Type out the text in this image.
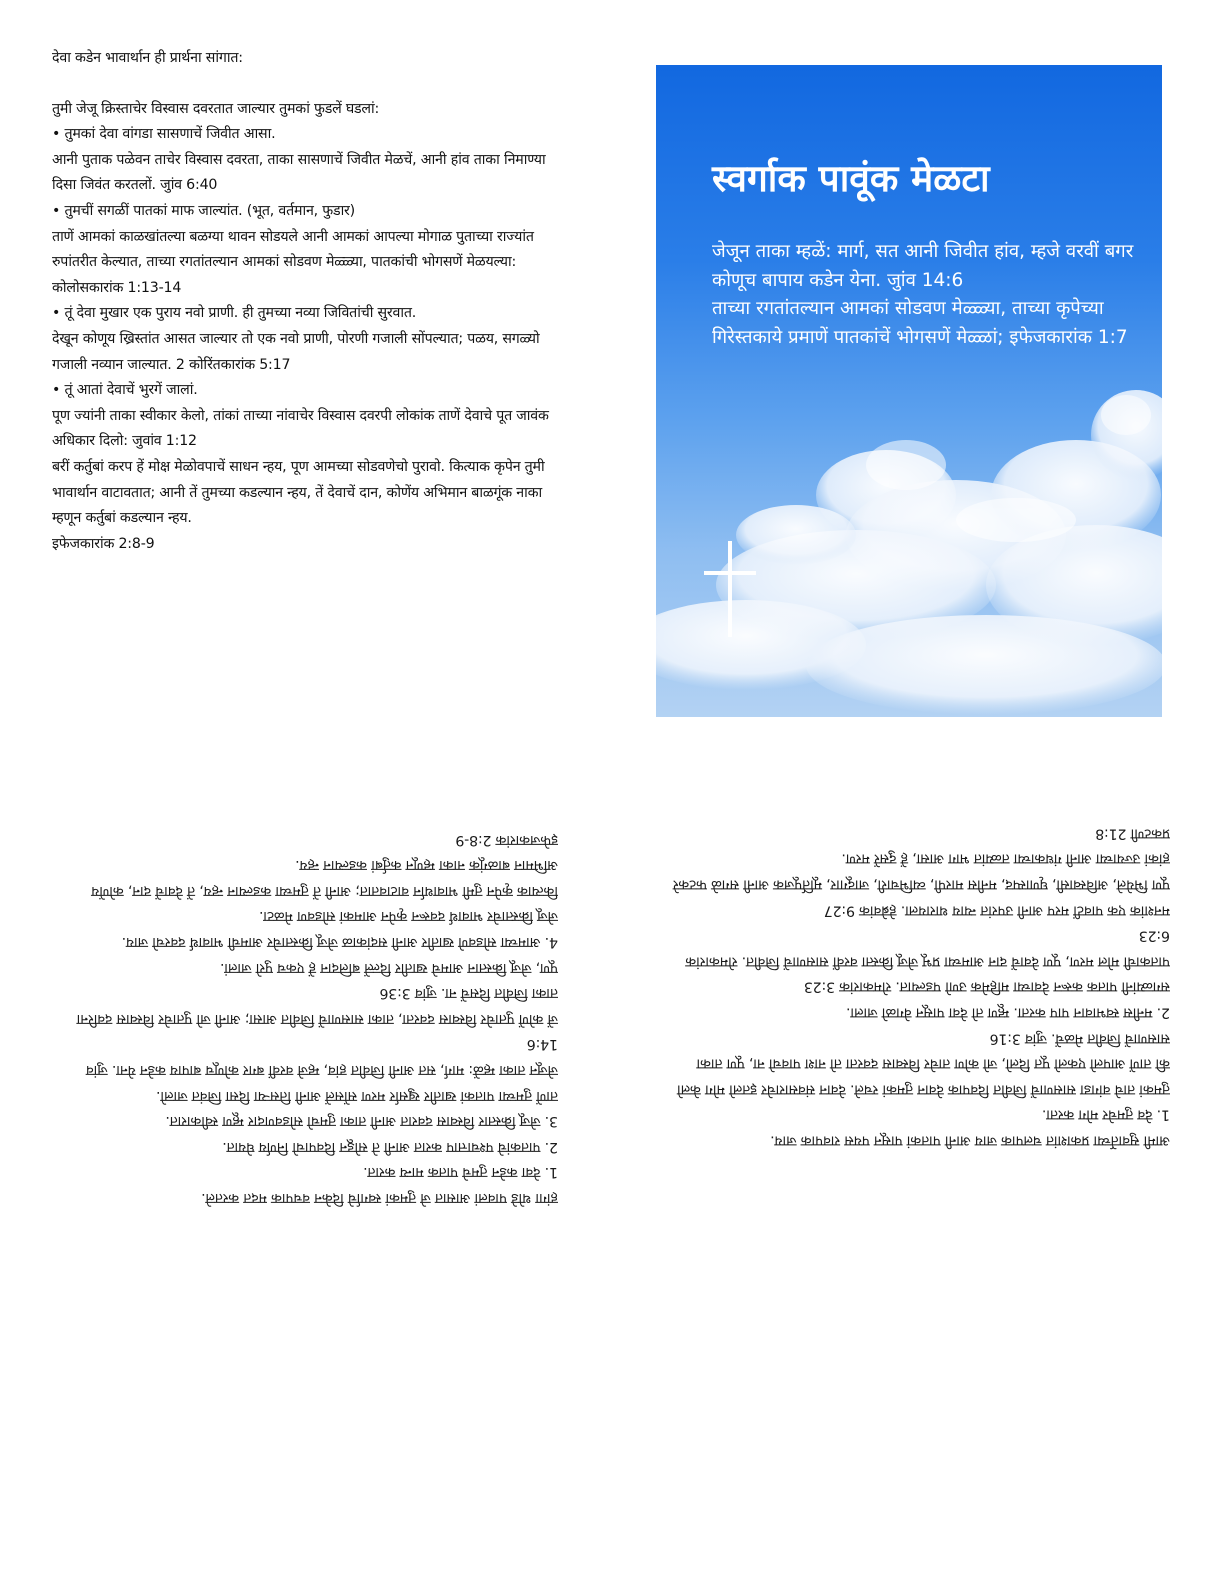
देवा कडेन भावार्थान ही प्रार्थना सांगात:

तुमी जेजू क्रिस्ताचेर विस्वास दवरतात जाल्यार तुमकां फुडलें घडलां:

• तुमकां देवा वांगडा सासणाचें जिवीत आसा.

आनी पुताक पळेवन ताचेर विस्वास दवरता, ताका सासणाचें जिवीत मेळचें, आनी हांव ताका निमाण्या दिसा जिवंत करतलों. जुांव 6:40

• तुमचीं सगळीं पातकां माफ जाल्यांत. (भूत, वर्तमान, फुडार)

ताणें आमकां काळखांतल्या बळग्या थावन सोडयले आनी आमकां आपल्या मोगाळ पुताच्या राज्यांत रुपांतरीत केल्यात, ताच्या रगतांतल्यान आमकां सोडवण मेळ्ळ्या, पातकांची भोगसणें मेळयल्या: कोलोसकारांक 1:13-14

• तूं देवा मुखार एक पुराय नवो प्राणी. ही तुमच्या नव्या जिवितांची सुरवात.

देखून कोणूय ख्रिस्तांत आसत जाल्यार तो एक नवो प्राणी, पोरणी गजाली सोंपल्यात; पळय, सगळ्यो गजाली नव्यान जाल्यात. 2 कोरिंतकारांक 5:17

• तूं आतां देवाचें भुरगें जालां.

पूण ज्यांनी ताका स्वीकार केलो, तांकां ताच्या नांवाचेर विस्वास दवरपी लोकांक ताणें देवाचे पूत जावंक अधिकार दिलो: जुवांव 1:12

बरीं कर्तुबां करप हें मोक्ष मेळोवपाचें साधन न्हय, पूण आमच्या सोडवणेचो पुरावो. कित्याक कृपेन तुमी भावार्थान वाटावतात; आनी तें तुमच्या कडल्यान न्हय, तें देवाचें दान, कोणेंय अभिमान बाळगूंक नाका म्हणून कर्तुबां कडल्यान न्हय.

इफेजकारांक 2:8-9

स्वर्गाक पावूंक मेळटा

जेजून ताका म्हळें: मार्ग, सत आनी जिवीत हांव, म्हजे वरवीं बगर कोणूच बापाय कडेन येना. जुांव 14:6

ताच्या रगतांतल्यान आमकां सोडवण मेळ्ळ्या, ताच्या कृपेच्या गिरेस्तकाये प्रमाणें पातकांचें भोगसणें मेळ्ळां; इफेजकारांक 1:7

हांगा थोडे पावलां आसात जे तुमकां स्वर्गाचे दिकेन वचपाक मदत करतले.

1. देवा कडेन तुमचे पातक मान्य करात.

2. पातकांचे पश्चात्ताप करात आनी ते सोडून दिवपाचो निर्णय घेयात.

3. जेजू क्रिस्तार विस्वास दवरात आनी ताका तुमचो सोडवणदार म्हूण स्वीकारात.

ताणें तुमच्या पातकां खातीर खुर्सार मरण सोंसलें आनी तिसऱ्या दिसा जिवंत जालो.

जेजून ताका म्हळें: मार्ग, सत आनी जिवीत हांव, म्हजे वरवीं बगर कोणूच बापाय कडेन येना. जुांव 14:6

जें कोणें पुताचेर विस्वास दवरता, ताका सासणाचें जिवीत आसा; आनी जो पुताचेर विस्वास दवरिना ताका जिवीत दिसचें ना. जुांव 3:36

पूण, जेजू क्रिस्तान आमचे खातीर दिल्लें बलिदान हें एकच पुरो जालां.

4. आमच्या सोडवणे खातीर आनी सदांकाळ जेजू क्रिस्ताचेर आमची भावार्थ दवरचो जाय.

जेजू क्रिस्ताचेर भावार्थ दवरून कृपेन आमकां सोडवण मेळटा.

कित्याक कृपेन तुमी भावार्थान वाटावतात; आनी तें तुमच्या कडल्यान न्हय, तें देवाचें दान, कोणेंय अभिमान बाळगूंक नाका म्हणून कर्तुबां कडल्यान न्हय.

इफेजकारांक 2:8-9

आमी सुवार्तेच्या प्रकाशांत चलपाक जाय आनी पातकां पासून पयस रावपाक जाय.

1. देव तुमचेर मोग करता.

तुमकां ताचे वांगडा सासणाचें जिवीत दिवपाक देवान तुमकां रचले. देवान संवसाराचेर इतलो मोग केलो की ताणें आपलो एकलो पूत दिलो, जो कोण ताचेर विस्वास दवरता तो नाश पावचो ना, पूण ताका सासणाचें जिवीत मेळचें. जुांव 3:16

2. मनीस स्वभावान पाप करता. म्हूण तो देवा पासून वेगळो जाला.

सगळ्यांनी पातक करून देवाच्या महिमेक उणो पडल्यात. रोमकारांक 3:23

पातकाची मोल मरण, पूण देवाचें दान आमच्या प्रभू जेजू क्रिस्ता वरवीं सासणाचें जिवीत. रोमकारांक 6:23

मनशांक एक पावटीं मरप आनी उपरांत न्याय थारायला. हेब्रेवांक 9:27

पूण भियेले, अविस्वासी, घृणास्पद, मनीस मारपी, व्यभिचारी, जादूगार, मूर्तिपूजक आनी सगळे फटकरे हांकां उज्याच्या आनी गंधकाच्या तळ्यांत भाग आसा, हें दुसरें मरण.

प्रकटणी 21:8
